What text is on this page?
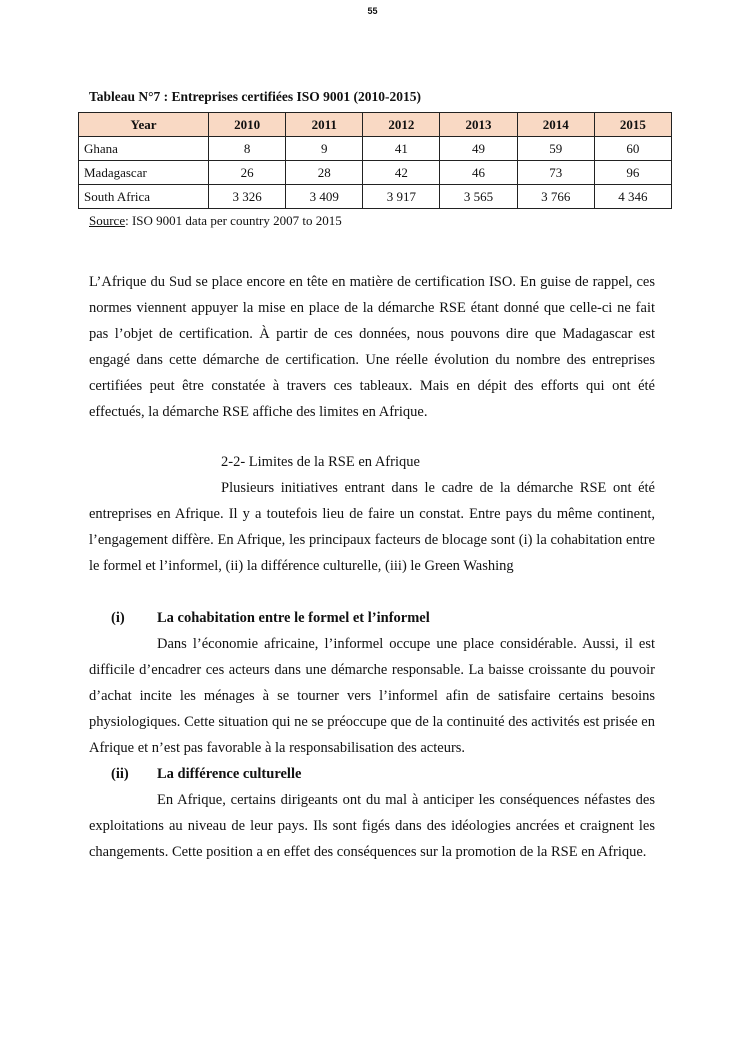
55
Tableau N°7 : Entreprises certifiées ISO 9001 (2010-2015)
Year	2010	2011	2012	2013	2014	2015
Ghana	8	9	41	49	59	60
Madagascar	26	28	42	46	73	96
South Africa	3 326	3 409	3 917	3 565	3 766	4 346
Source: ISO 9001 data per country 2007 to 2015

L’Afrique du Sud se place encore en tête en matière de certification ISO. En guise de rappel, ces normes viennent appuyer la mise en place de la démarche RSE étant donné que celle-ci ne fait pas l’objet de certification. À partir de ces données, nous pouvons dire que Madagascar est engagé dans cette démarche de certification. Une réelle évolution du nombre des entreprises certifiées peut être constatée à travers ces tableaux. Mais en dépit des efforts qui ont été effectués, la démarche RSE affiche des limites en Afrique.

2-2- Limites de la RSE en Afrique

Plusieurs initiatives entrant dans le cadre de la démarche RSE ont été entreprises en Afrique. Il y a toutefois lieu de faire un constat. Entre pays du même continent, l’engagement diffère. En Afrique, les principaux facteurs de blocage sont (i) la cohabitation entre le formel et l’informel, (ii) la différence culturelle, (iii) le Green Washing

(i) La cohabitation entre le formel et l’informel

Dans l’économie africaine, l’informel occupe une place considérable. Aussi, il est difficile d’encadrer ces acteurs dans une démarche responsable. La baisse croissante du pouvoir d’achat incite les ménages à se tourner vers l’informel afin de satisfaire certains besoins physiologiques. Cette situation qui ne se préoccupe que de la continuité des activités est prisée en Afrique et n’est pas favorable à la responsabilisation des acteurs.

(ii) La différence culturelle

En Afrique, certains dirigeants ont du mal à anticiper les conséquences néfastes des exploitations au niveau de leur pays. Ils sont figés dans des idéologies ancrées et craignent les changements. Cette position a en effet des conséquences sur la promotion de la RSE en Afrique.
